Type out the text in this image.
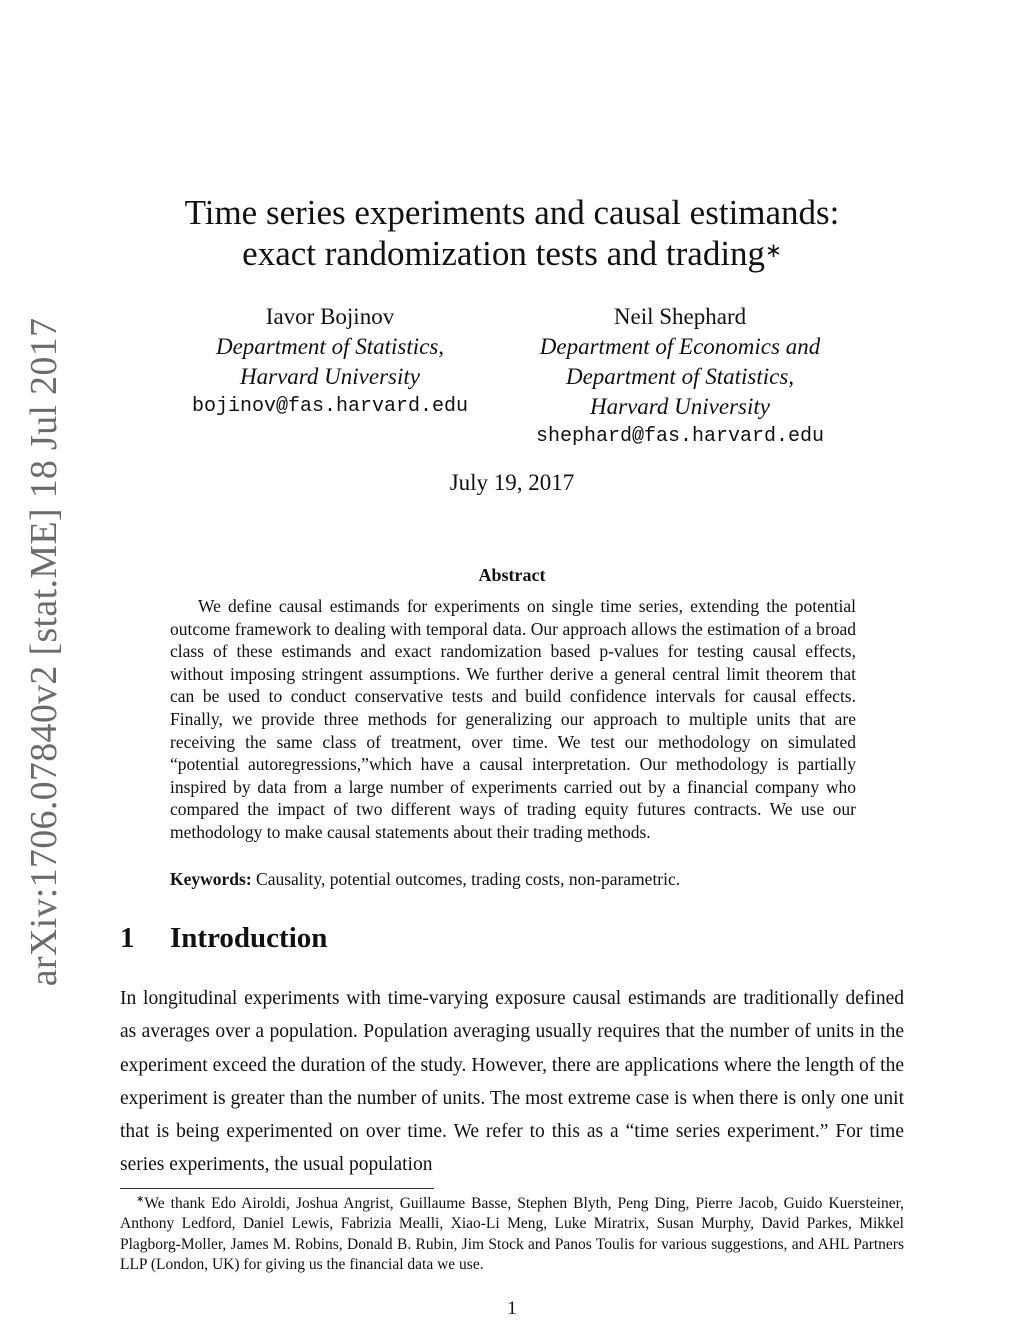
arXiv:1706.07840v2 [stat.ME] 18 Jul 2017
Time series experiments and causal estimands:
exact randomization tests and trading∗
Iavor Bojinov
Department of Statistics,
Harvard University
bojinov@fas.harvard.edu
Neil Shephard
Department of Economics and
Department of Statistics,
Harvard University
shephard@fas.harvard.edu
July 19, 2017
Abstract

We define causal estimands for experiments on single time series, extending the potential outcome framework to dealing with temporal data. Our approach allows the estimation of a broad class of these estimands and exact randomization based p-values for testing causal effects, without imposing stringent assumptions. We further derive a general central limit theorem that can be used to conduct conservative tests and build confidence intervals for causal effects. Finally, we provide three methods for generalizing our approach to multiple units that are receiving the same class of treatment, over time. We test our methodology on simulated “potential autoregressions,”which have a causal interpretation. Our methodology is partially inspired by data from a large number of experiments carried out by a financial company who compared the impact of two different ways of trading equity futures contracts. We use our methodology to make causal statements about their trading methods.

Keywords: Causality, potential outcomes, trading costs, non-parametric.
1 Introduction

In longitudinal experiments with time-varying exposure causal estimands are traditionally defined as averages over a population. Population averaging usually requires that the number of units in the experiment exceed the duration of the study. However, there are applications where the length of the experiment is greater than the number of units. The most extreme case is when there is only one unit that is being experimented on over time. We refer to this as a “time series experiment.” For time series experiments, the usual population

∗We thank Edo Airoldi, Joshua Angrist, Guillaume Basse, Stephen Blyth, Peng Ding, Pierre Jacob, Guido Kuersteiner, Anthony Ledford, Daniel Lewis, Fabrizia Mealli, Xiao-Li Meng, Luke Miratrix, Susan Murphy, David Parkes, Mikkel Plagborg-Moller, James M. Robins, Donald B. Rubin, Jim Stock and Panos Toulis for various suggestions, and AHL Partners LLP (London, UK) for giving us the financial data we use.

1
